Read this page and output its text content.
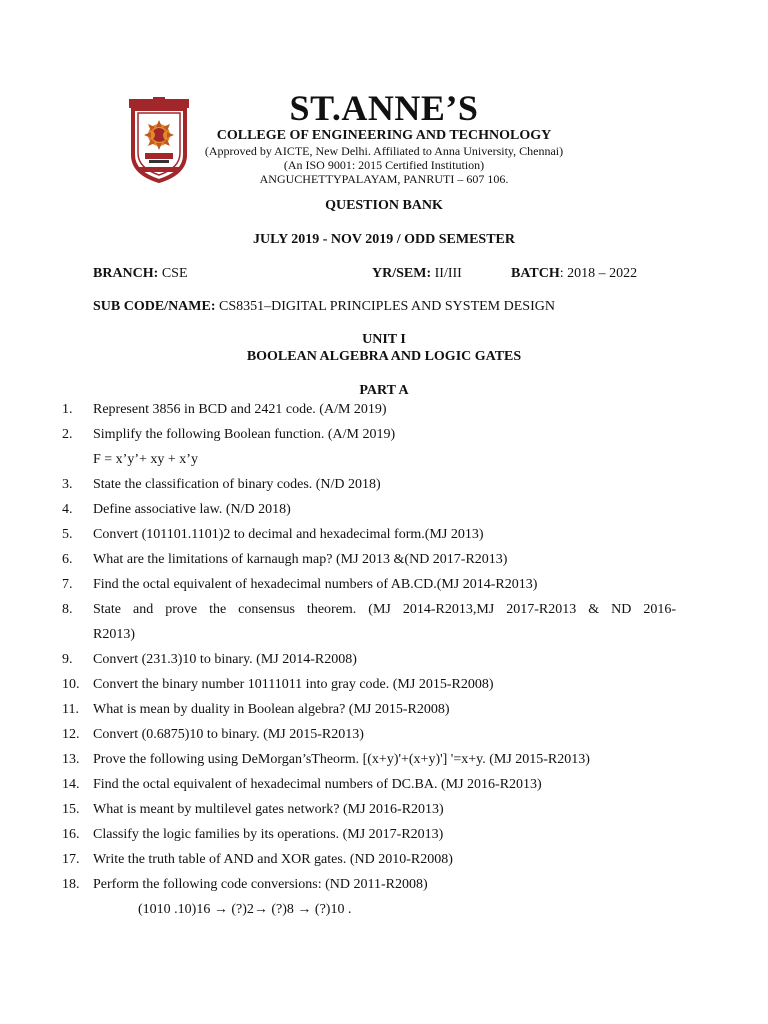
ST.ANNE’S
COLLEGE OF ENGINEERING AND TECHNOLOGY
(Approved by AICTE, New Delhi. Affiliated to Anna University, Chennai)
(An ISO 9001: 2015 Certified Institution)
ANGUCHETTYPALAYAM, PANRUTI – 607 106.
QUESTION BANK
JULY 2019 - NOV 2019 / ODD SEMESTER
BRANCH: CSE	YR/SEM: II/III	BATCH: 2018 – 2022
SUB CODE/NAME: CS8351–DIGITAL PRINCIPLES AND SYSTEM DESIGN
UNIT I
BOOLEAN ALGEBRA AND LOGIC GATES
PART A
1.	Represent 3856 in BCD and 2421 code. (A/M 2019)
2.	Simplify the following Boolean function. (A/M 2019)
F = x’y’+ xy + x’y
3.	State the classification of binary codes. (N/D 2018)
4.	Define associative law. (N/D 2018)
5.	Convert (101101.1101)2 to decimal and hexadecimal form.(MJ 2013)
6.	What are the limitations of karnaugh map? (MJ 2013 &(ND 2017-R2013)
7.	Find the octal equivalent of hexadecimal numbers of AB.CD.(MJ 2014-R2013)
8.	State and prove the consensus theorem. (MJ 2014-R2013,MJ 2017-R2013 & ND 2016-
R2013)
9.	Convert (231.3)10 to binary. (MJ 2014-R2008)
10. Convert the binary number 10111011 into gray code. (MJ 2015-R2008)
11.	What is mean by duality in Boolean algebra? (MJ 2015-R2008)
12. Convert (0.6875)10 to binary. (MJ 2015-R2013)
13. Prove the following using DeMorgan’sTheorm. [(x+y)'+(x+y)'] '=x+y. (MJ 2015-R2013)
14. Find the octal equivalent of hexadecimal numbers of DC.BA. (MJ 2016-R2013)
15. What is meant by multilevel gates network? (MJ 2016-R2013)
16. Classify the logic families by its operations. (MJ 2017-R2013)
17. Write the truth table of AND and XOR gates. (ND 2010-R2008)
18. Perform the following code conversions: (ND 2011-R2008)
(1010 .10)16 → (?)2→ (?)8 → (?)10 .
